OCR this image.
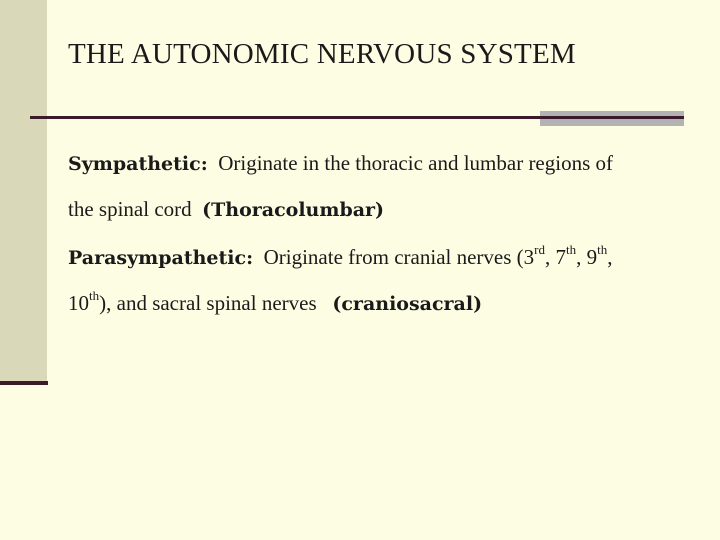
THE AUTONOMIC NERVOUS SYSTEM
Sympathetic: Originate in the thoracic and lumbar regions of
the spinal cord (Thoracolumbar)
Parasympathetic: Originate from cranial nerves (3rd, 7th, 9th,
10th), and sacral spinal nerves (craniosacral)
